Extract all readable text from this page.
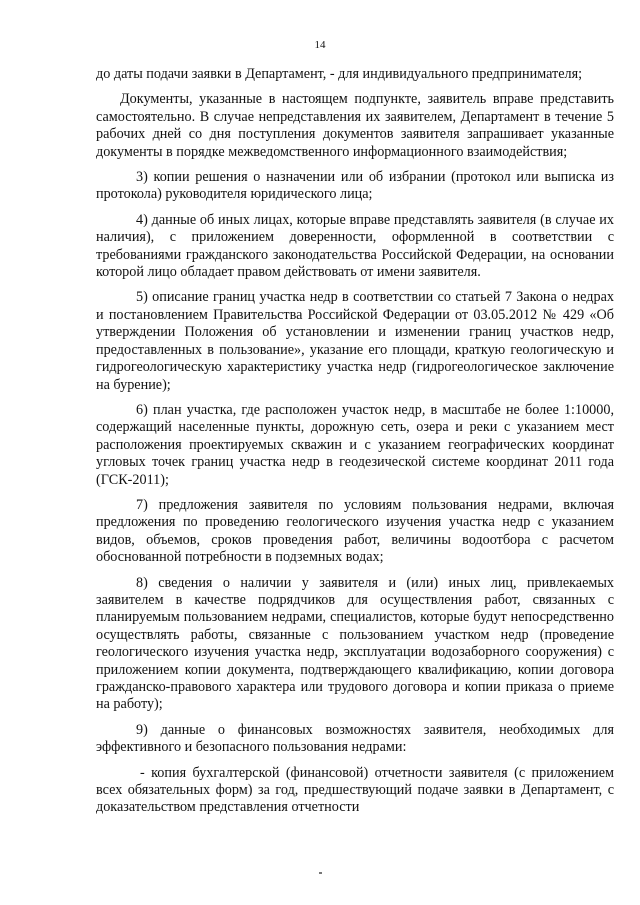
14

до даты подачи заявки в Департамент, - для индивидуального предпринимателя;

Документы, указанные в настоящем подпункте, заявитель вправе представить самостоятельно. В случае непредставления их заявителем, Департамент в течение 5 рабочих дней со дня поступления документов заявителя запрашивает указанные документы в порядке межведомственного информационного взаимодействия;

3) копии решения о назначении или об избрании (протокол или выписка из протокола) руководителя юридического лица;

4) данные об иных лицах, которые вправе представлять заявителя (в случае их наличия), с приложением доверенности, оформленной в соответствии с требованиями гражданского законодательства Российской Федерации, на основании которой лицо обладает правом действовать от имени заявителя.

5) описание границ участка недр в соответствии со статьей 7 Закона о недрах и постановлением Правительства Российской Федерации от 03.05.2012 № 429 «Об утверждении Положения об установлении и изменении границ участков недр, предоставленных в пользование», указание его площади, краткую геологическую и гидрогеологическую характеристику участка недр (гидрогеологическое заключение на бурение);

6) план участка, где расположен участок недр, в масштабе не более 1:10000, содержащий населенные пункты, дорожную сеть, озера и реки с указанием мест расположения проектируемых скважин и с указанием географических координат угловых точек границ участка недр в геодезической системе координат 2011 года (ГСК-2011);

7) предложения заявителя по условиям пользования недрами, включая предложения по проведению геологического изучения участка недр с указанием видов, объемов, сроков проведения работ, величины водоотбора с расчетом обоснованной потребности в подземных водах;

8) сведения о наличии у заявителя и (или) иных лиц, привлекаемых заявителем в качестве подрядчиков для осуществления работ, связанных с планируемым пользованием недрами, специалистов, которые будут непосредственно осуществлять работы, связанные с пользованием участком недр (проведение геологического изучения участка недр, эксплуатации водозаборного сооружения) с приложением копии документа, подтверждающего квалификацию, копии договора гражданско-правового характера или трудового договора и копии приказа о приеме на работу);

9) данные о финансовых возможностях заявителя, необходимых для эффективного и безопасного пользования недрами:

- копия бухгалтерской (финансовой) отчетности заявителя (с приложением всех обязательных форм) за год, предшествующий подаче заявки в Департамент, с доказательством представления отчетности
